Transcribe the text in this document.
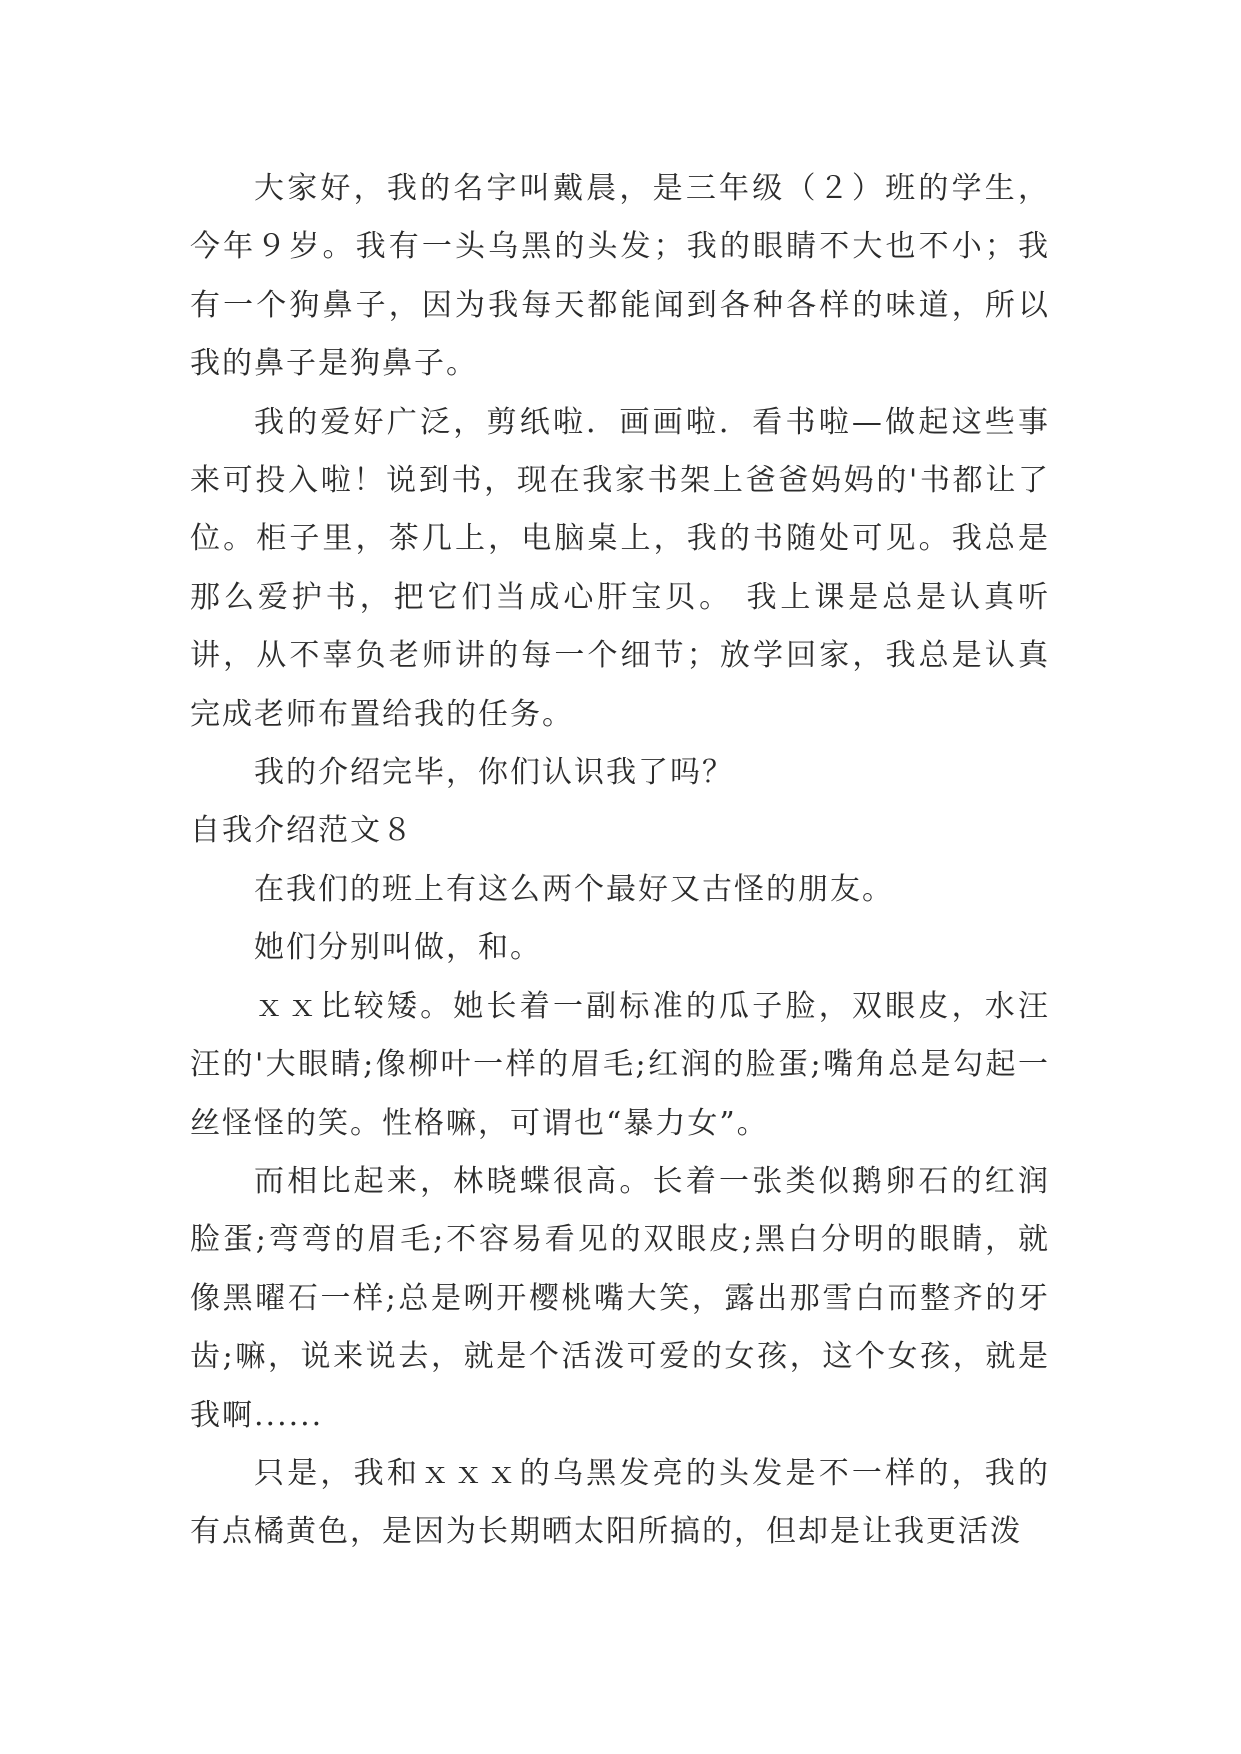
大家好，我的名字叫戴晨，是三年级（２）班的学生，今年９岁。我有一头乌黑的头发；我的眼睛不大也不小；我有一个狗鼻子，因为我每天都能闻到各种各样的味道，所以我的鼻子是狗鼻子。

我的爱好广泛，剪纸啦．画画啦．看书啦—做起这些事来可投入啦！说到书，现在我家书架上爸爸妈妈的'书都让了位。柜子里，茶几上，电脑桌上，我的书随处可见。我总是那么爱护书，把它们当成心肝宝贝。 我上课是总是认真听讲，从不辜负老师讲的每一个细节；放学回家，我总是认真完成老师布置给我的任务。

我的介绍完毕，你们认识我了吗？

自我介绍范文８

在我们的班上有这么两个最好又古怪的朋友。

她们分别叫做，和。

ｘｘ比较矮。她长着一副标准的瓜子脸，双眼皮，水汪汪的'大眼睛;像柳叶一样的眉毛;红润的脸蛋;嘴角总是勾起一丝怪怪的笑。性格嘛，可谓也“暴力女”。

而相比起来，林晓蝶很高。长着一张类似鹅卵石的红润脸蛋;弯弯的眉毛;不容易看见的双眼皮;黑白分明的眼睛，就像黑曜石一样;总是咧开樱桃嘴大笑，露出那雪白而整齐的牙齿;嘛，说来说去，就是个活泼可爱的女孩，这个女孩，就是我啊......

只是，我和ｘｘｘ的乌黑发亮的头发是不一样的，我的有点橘黄色，是因为长期晒太阳所搞的，但却是让我更活泼
